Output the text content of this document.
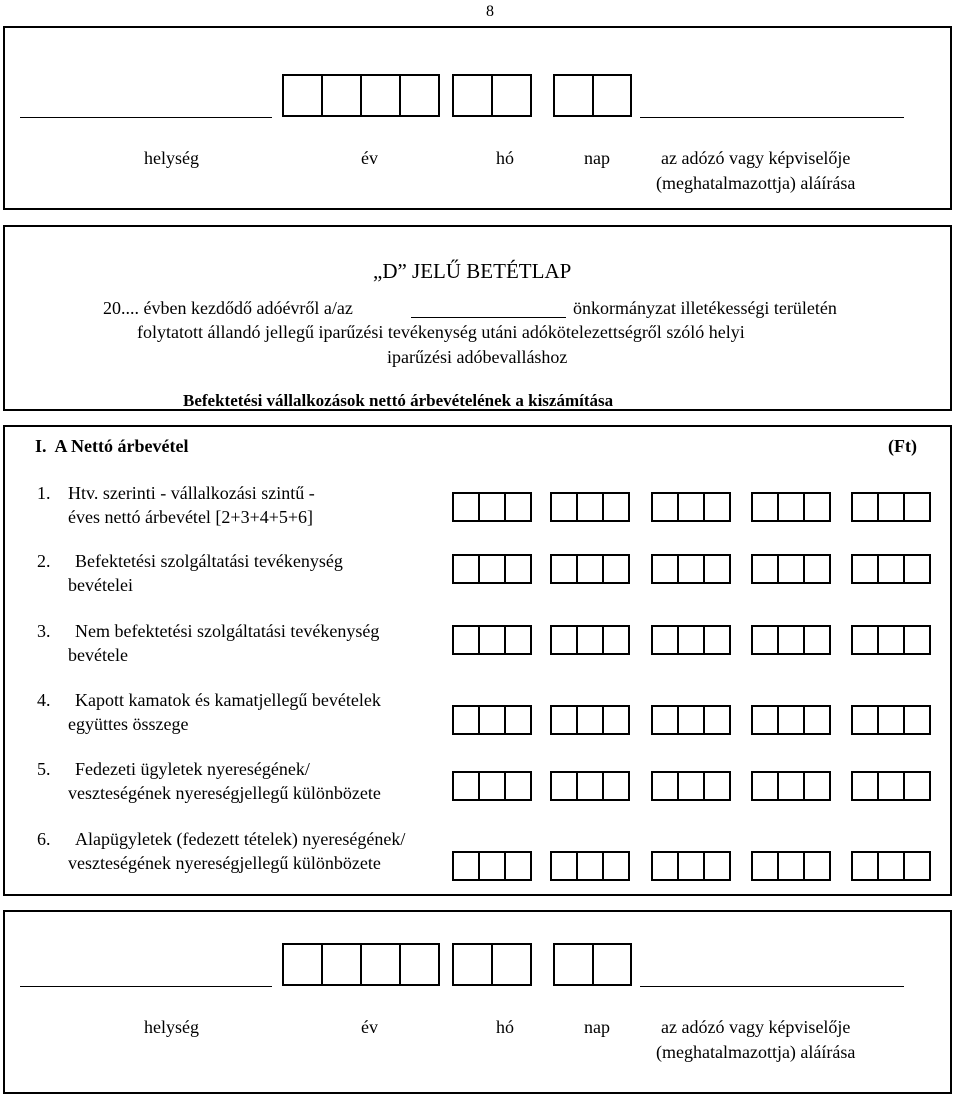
8
helység	év	hó	nap	az adózó vagy képviselője
(meghatalmazottja) aláírása
„D” JELŰ BETÉTLAP
20.... évben kezdődő adóévről a/az	önkormányzat illetékességi területén
folytatott állandó jellegű iparűzési tevékenység utáni adókötelezettségről szóló helyi
iparűzési adóbevalláshoz
Befektetési vállalkozások nettó árbevételének a kiszámítása
I.  A Nettó árbevétel	(Ft)
1. Htv. szerinti - vállalkozási szintű -
éves nettó árbevétel [2+3+4+5+6]
2. Befektetési szolgáltatási tevékenység
bevételei
3. Nem befektetési szolgáltatási tevékenység
bevétele
4. Kapott kamatok és kamatjellegű bevételek
együttes összege
5. Fedezeti ügyletek nyereségének/
veszteségének nyereségjellegű különbözete
6. Alapügyletek (fedezett tételek) nyereségének/
veszteségének nyereségjellegű különbözete
helység	év	hó	nap	az adózó vagy képviselője
(meghatalmazottja) aláírása
